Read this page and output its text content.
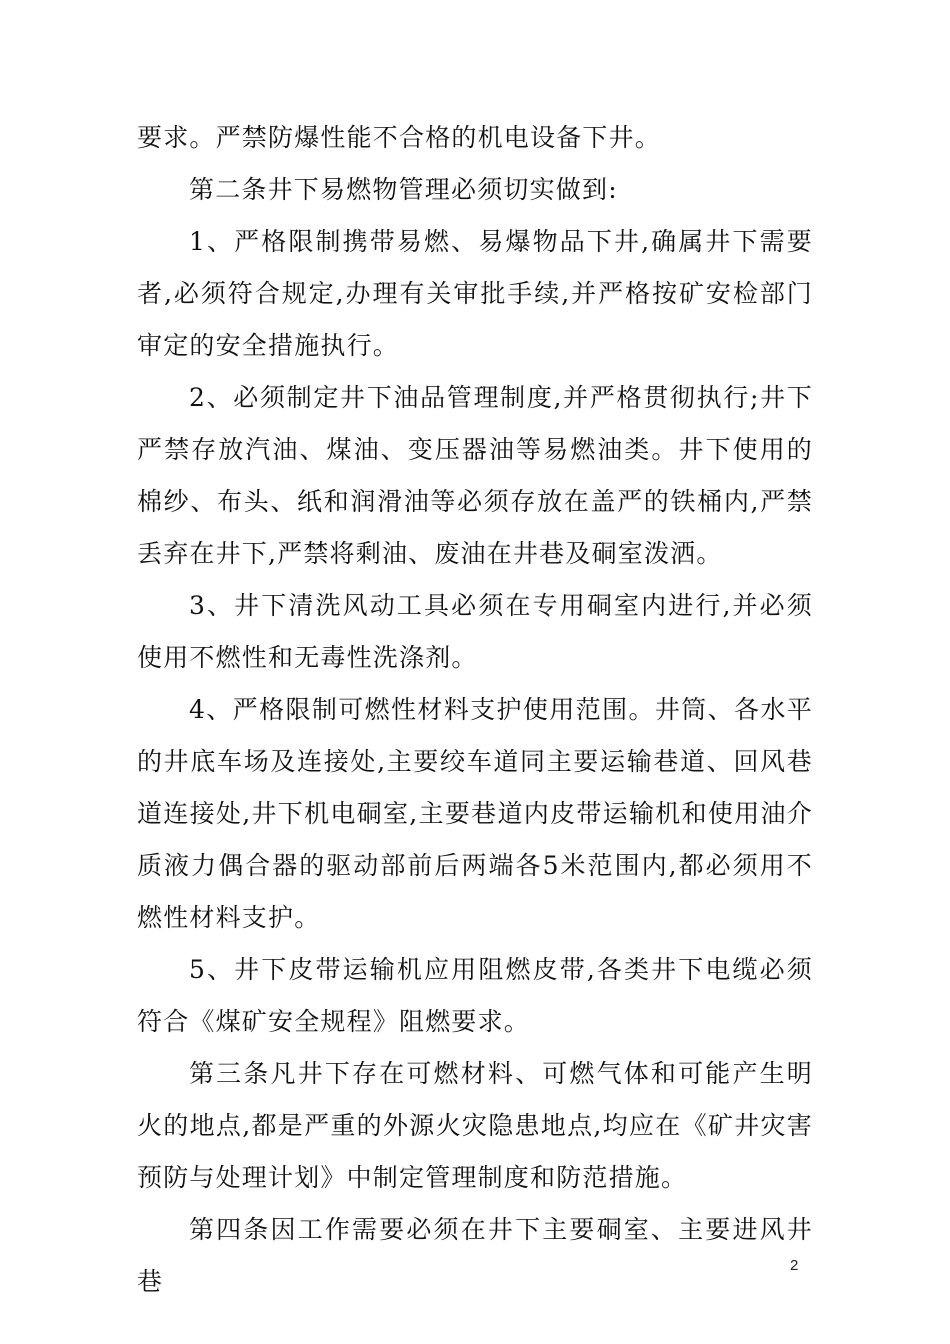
要求。严禁防爆性能不合格的机电设备下井。

第二条井下易燃物管理必须切实做到:

1、严格限制携带易燃、易爆物品下井,确属井下需要者,必须符合规定,办理有关审批手续,并严格按矿安检部门审定的安全措施执行。

2、必须制定井下油品管理制度,并严格贯彻执行;井下严禁存放汽油、煤油、变压器油等易燃油类。井下使用的棉纱、布头、纸和润滑油等必须存放在盖严的铁桶内,严禁丢弃在井下,严禁将剩油、废油在井巷及硐室泼洒。

3、井下清洗风动工具必须在专用硐室内进行,并必须使用不燃性和无毒性洗涤剂。

4、严格限制可燃性材料支护使用范围。井筒、各水平的井底车场及连接处,主要绞车道同主要运输巷道、回风巷道连接处,井下机电硐室,主要巷道内皮带运输机和使用油介质液力偶合器的驱动部前后两端各5米范围内,都必须用不燃性材料支护。

5、井下皮带运输机应用阻燃皮带,各类井下电缆必须符合《煤矿安全规程》阻燃要求。

第三条凡井下存在可燃材料、可燃气体和可能产生明火的地点,都是严重的外源火灾隐患地点,均应在《矿井灾害预防与处理计划》中制定管理制度和防范措施。

第四条因工作需要必须在井下主要硐室、主要进风井巷

2
